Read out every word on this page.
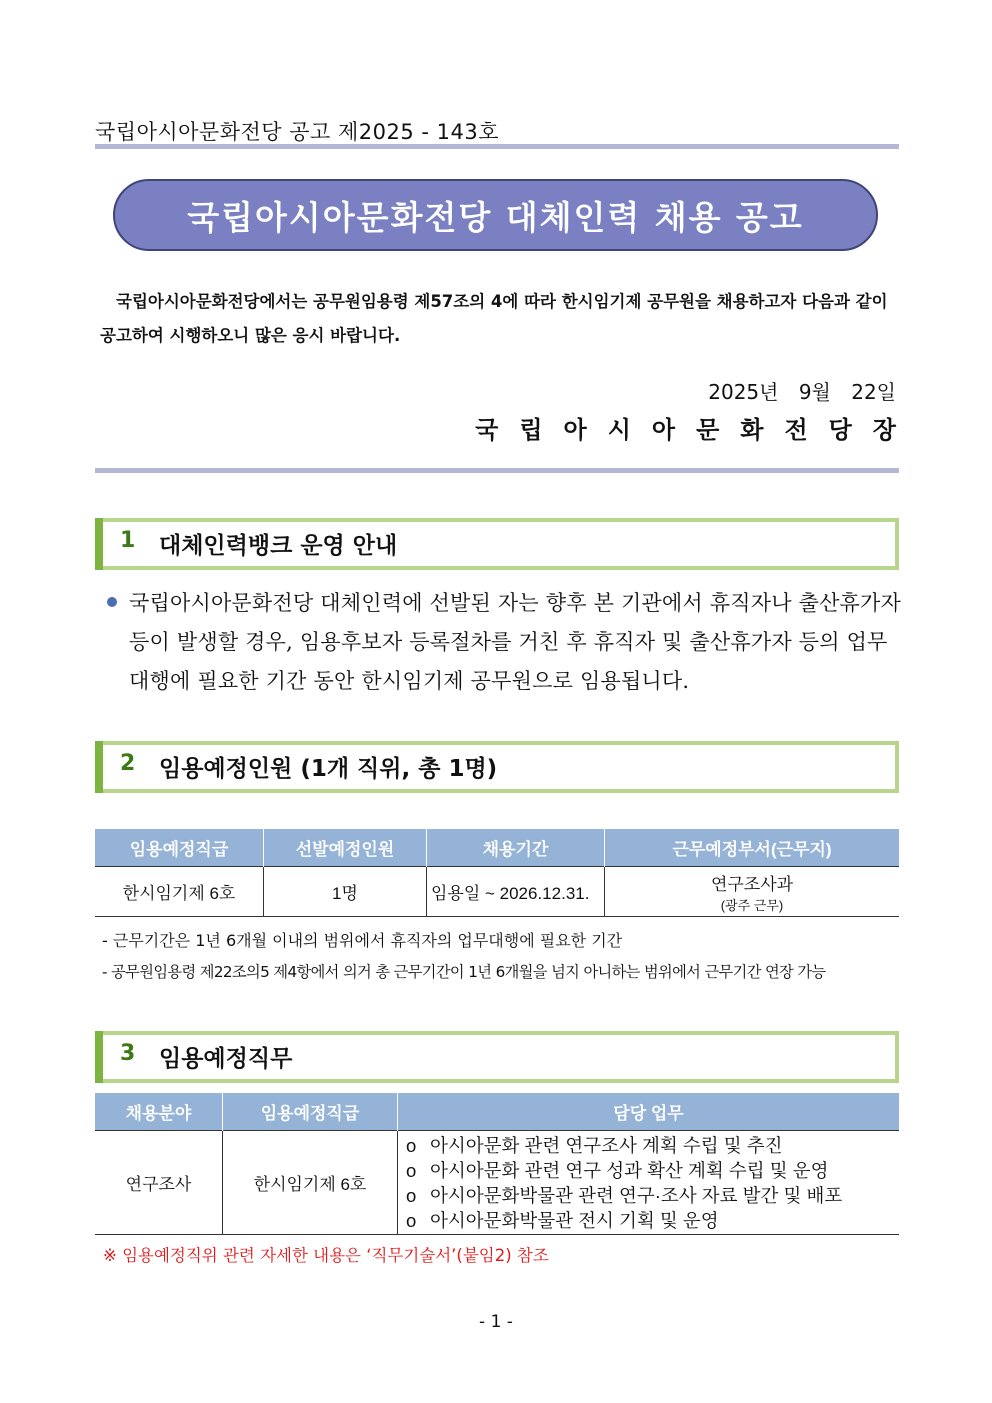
국립아시아문화전당 공고 제2025 - 143호
국립아시아문화전당 대체인력 채용 공고
국립아시아문화전당에서는 공무원임용령 제57조의 4에 따라 한시임기제 공무원을 채용하고자 다음과 같이 공고하여 시행하오니 많은 응시 바랍니다.
2025년 9월 22일
국립아시아문화전당장
1 대체인력뱅크 운영 안내
국립아시아문화전당 대체인력에 선발된 자는 향후 본 기관에서 휴직자나 출산휴가자 등이 발생할 경우, 임용후보자 등록절차를 거친 후 휴직자 및 출산휴가자 등의 업무대행에 필요한 기간 동안 한시임기제 공무원으로 임용됩니다.
2 임용예정인원 (1개 직위, 총 1명)
임용예정직급	선발예정인원	채용기간	근무예정부서(근무지)
한시임기제 6호	1명	임용일 ~ 2026.12.31.	연구조사과
(광주 근무)
- 근무기간은 1년 6개월 이내의 범위에서 휴직자의 업무대행에 필요한 기간
- 공무원임용령 제22조의5 제4항에서 의거 총 근무기간이 1년 6개월을 넘지 아니하는 범위에서 근무기간 연장 가능
3 임용예정직무
채용분야	임용예정직급	담당 업무
연구조사	한시임기제 6호	o 아시아문화 관련 연구조사 계획 수립 및 추진
o 아시아문화 관련 연구 성과 확산 계획 수립 및 운영
o 아시아문화박물관 관련 연구·조사 자료 발간 및 배포
o 아시아문화박물관 전시 기획 및 운영
※ 임용예정직위 관련 자세한 내용은 ‘직무기술서’(붙임2) 참조
- 1 -
